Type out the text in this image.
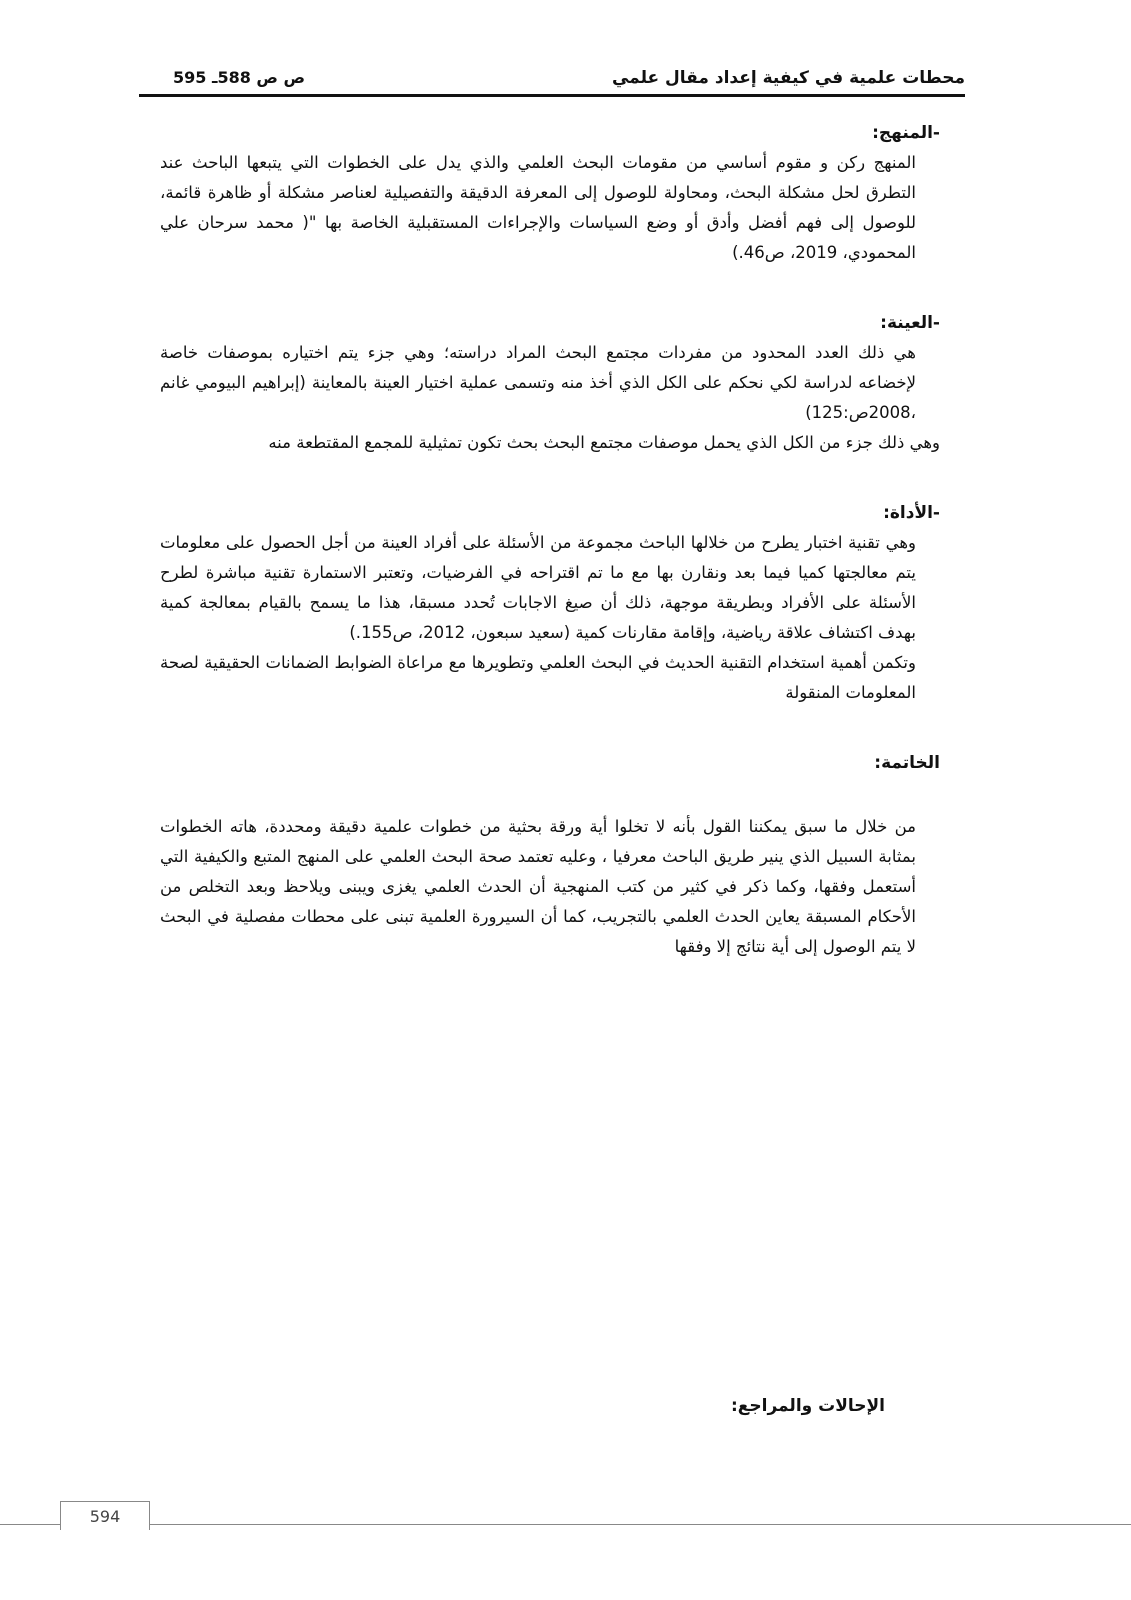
محطات علمية في كيفية إعداد مقال علمي
ص ص 588ـ 595

-المنهج:

المنهج ركن و مقوم أساسي من مقومات البحث العلمي والذي يدل على الخطوات التي يتبعها الباحث عند التطرق لحل مشكلة البحث، ومحاولة للوصول إلى المعرفة الدقيقة والتفصيلية لعناصر مشكلة أو ظاهرة قائمة، للوصول إلى فهم أفضل وأدق أو وضع السياسات والإجراءات المستقبلية الخاصة بها "( محمد سرحان علي المحمودي، 2019، ص46.)

-العينة:

هي ذلك العدد المحدود من مفردات مجتمع البحث المراد دراسته؛ وهي جزء يتم اختياره بموصفات خاصة لإخضاعه لدراسة لكي نحكم على الكل الذي أخذ منه وتسمى عملية اختيار العينة بالمعاينة (إبراهيم البيومي غانم ،2008ص:125)

وهي ذلك جزء من الكل الذي يحمل موصفات مجتمع البحث بحث تكون تمثيلية للمجمع المقتطعة منه

-الأداة:

وهي تقنية اختبار يطرح من خلالها الباحث مجموعة من الأسئلة على أفراد العينة من أجل الحصول على معلومات يتم معالجتها كميا فيما بعد ونقارن بها مع ما تم اقتراحه في الفرضيات، وتعتبر الاستمارة تقنية مباشرة لطرح الأسئلة على الأفراد وبطريقة موجهة، ذلك أن صيغ الاجابات تُحدد مسبقا، هذا ما يسمح بالقيام بمعالجة كمية بهدف اكتشاف علاقة رياضية، وإقامة مقارنات كمية (سعيد سبعون، 2012، ص155.)

وتكمن أهمية استخدام التقنية الحديث في البحث العلمي وتطويرها مع مراعاة الضوابط الضمانات الحقيقية لصحة المعلومات المنقولة

الخاتمة:

من خلال ما سبق يمكننا القول بأنه لا تخلوا أية ورقة بحثية من خطوات علمية دقيقة ومحددة، هاته الخطوات بمثابة السبيل الذي ينير طريق الباحث معرفيا ، وعليه تعتمد صحة البحث العلمي على المنهج المتبع والكيفية التي أستعمل وفقها، وكما ذكر في كثير من كتب المنهجية أن الحدث العلمي يغزى ويبنى ويلاحظ وبعد التخلص من الأحكام المسبقة يعاين الحدث العلمي بالتجريب، كما أن السيرورة العلمية تبنى على محطات مفصلية في البحث لا يتم الوصول إلى أية نتائج إلا وفقها

الإحالات والمراجع:
594
